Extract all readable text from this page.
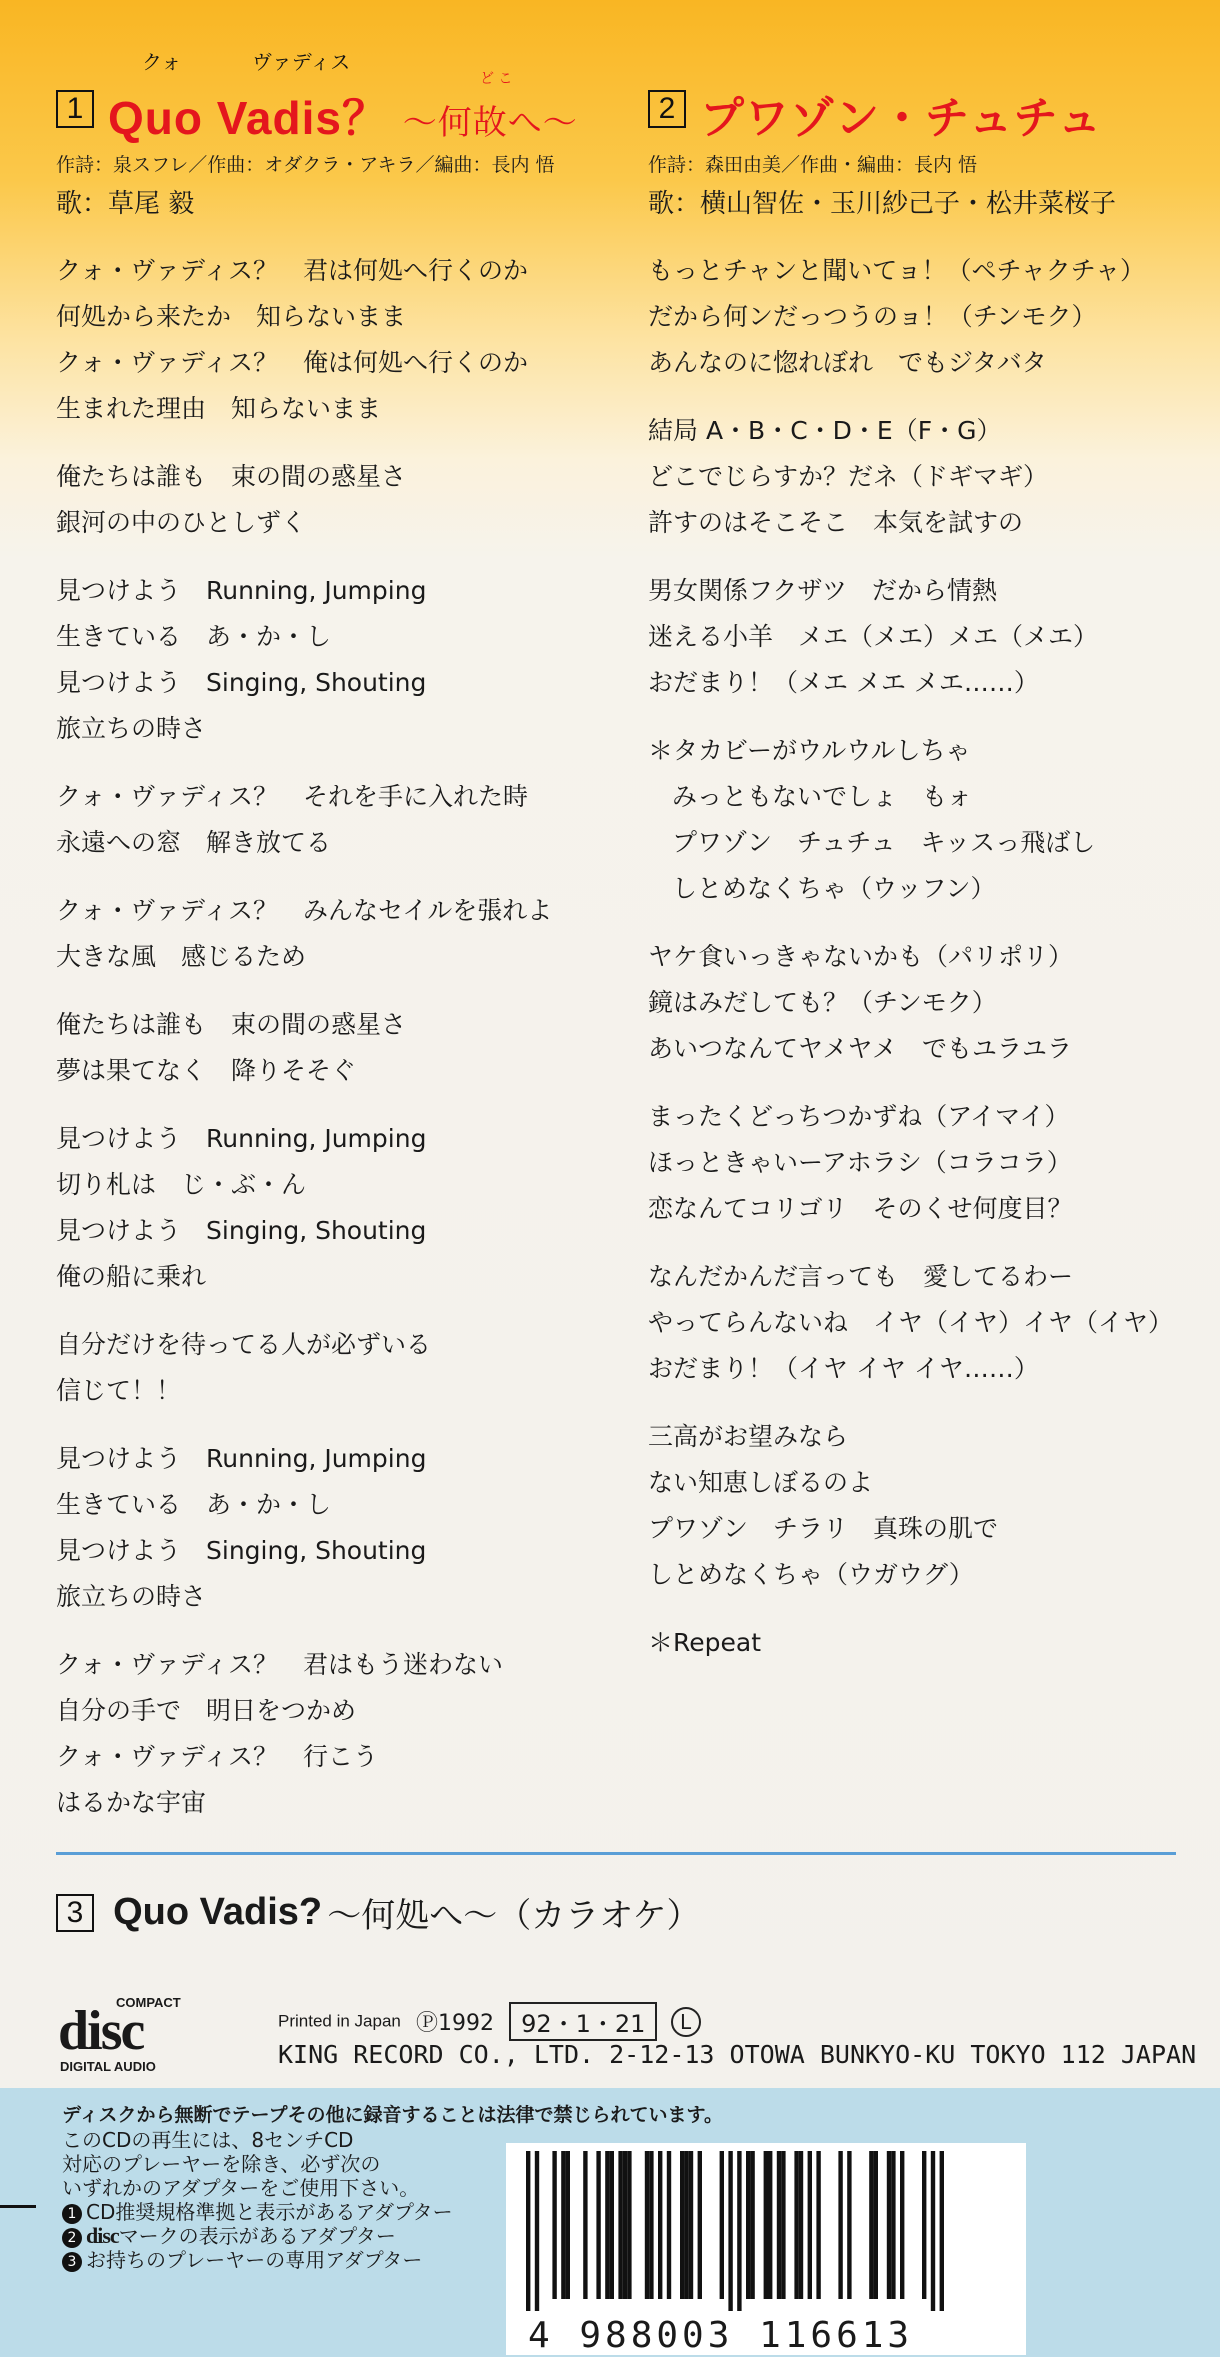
クォ	ヴァディス
ど こ
1 Quo Vadis？ 〜何故へ〜
作詩：泉スフレ／作曲：オダクラ・アキラ／編曲：長内 悟
歌：草尾 毅
クォ・ヴァディス？　君は何処へ行くのか
何処から来たか　知らないまま
クォ・ヴァディス？　俺は何処へ行くのか
生まれた理由　知らないまま
俺たちは誰も　束の間の惑星さ
銀河の中のひとしずく
見つけよう　Running, Jumping
生きている　あ・か・し
見つけよう　Singing, Shouting
旅立ちの時さ
クォ・ヴァディス？　それを手に入れた時
永遠への窓　解き放てる
クォ・ヴァディス？　みんなセイルを張れよ
大きな風　感じるため
俺たちは誰も　束の間の惑星さ
夢は果てなく　降りそそぐ
見つけよう　Running, Jumping
切り札は　じ・ぶ・ん
見つけよう　Singing, Shouting
俺の船に乗れ
自分だけを待ってる人が必ずいる
信じて！！
見つけよう　Running, Jumping
生きている　あ・か・し
見つけよう　Singing, Shouting
旅立ちの時さ
クォ・ヴァディス？　君はもう迷わない
自分の手で　明日をつかめ
クォ・ヴァディス？　行こう
はるかな宇宙
2 プワゾン・チュチュ
作詩：森田由美／作曲・編曲：長内 悟
歌：横山智佐・玉川紗己子・松井菜桜子
もっとチャンと聞いてョ！（ペチャクチャ）
だから何ンだっつうのョ！（チンモク）
あんなのに惚れぼれ　でもジタバタ
結局 A・B・C・D・E（F・G）
どこでじらすか？だネ（ドギマギ）
許すのはそこそこ　本気を試すの
男女関係フクザツ　だから情熱
迷える小羊　メエ（メエ）メエ（メエ）
おだまり！（メエ メエ メエ……）
＊タカビーがウルウルしちゃ
みっともないでしょ　もォ
プワゾン　チュチュ　キッスっ飛ばし
しとめなくちゃ（ウッフン）
ヤケ食いっきゃないかも（パリポリ）
鏡はみだしても？（チンモク）
あいつなんてヤメヤメ　でもユラユラ
まったくどっちつかずね（アイマイ）
ほっときゃいーアホラシ（コラコラ）
恋なんてコリゴリ　そのくせ何度目？
なんだかんだ言っても　愛してるわー
やってらんないね　イヤ（イヤ）イヤ（イヤ）
おだまり！（イヤ イヤ イヤ……）
三高がお望みなら
ない知恵しぼるのよ
プワゾン　チラリ　真珠の肌で
しとめなくちゃ（ウガウグ）
＊Repeat
3 Quo Vadis? 〜何処へ〜（カラオケ）
COMPACT
disc
DIGITAL AUDIO
Printed in Japan Ⓟ1992 92・1・21 L
KING RECORD CO., LTD. 2-12-13 OTOWA BUNKYO-KU TOKYO 112 JAPAN
ディスクから無断でテープその他に録音することは法律で禁じられています。
このCDの再生には、8センチCD
対応のプレーヤーを除き、必ず次の
いずれかのアダプターをご使用下さい。
1 CD推奨規格準拠と表示があるアダプター
2 discマークの表示があるアダプター
3 お持ちのプレーヤーの専用アダプター
4 988003 116613
